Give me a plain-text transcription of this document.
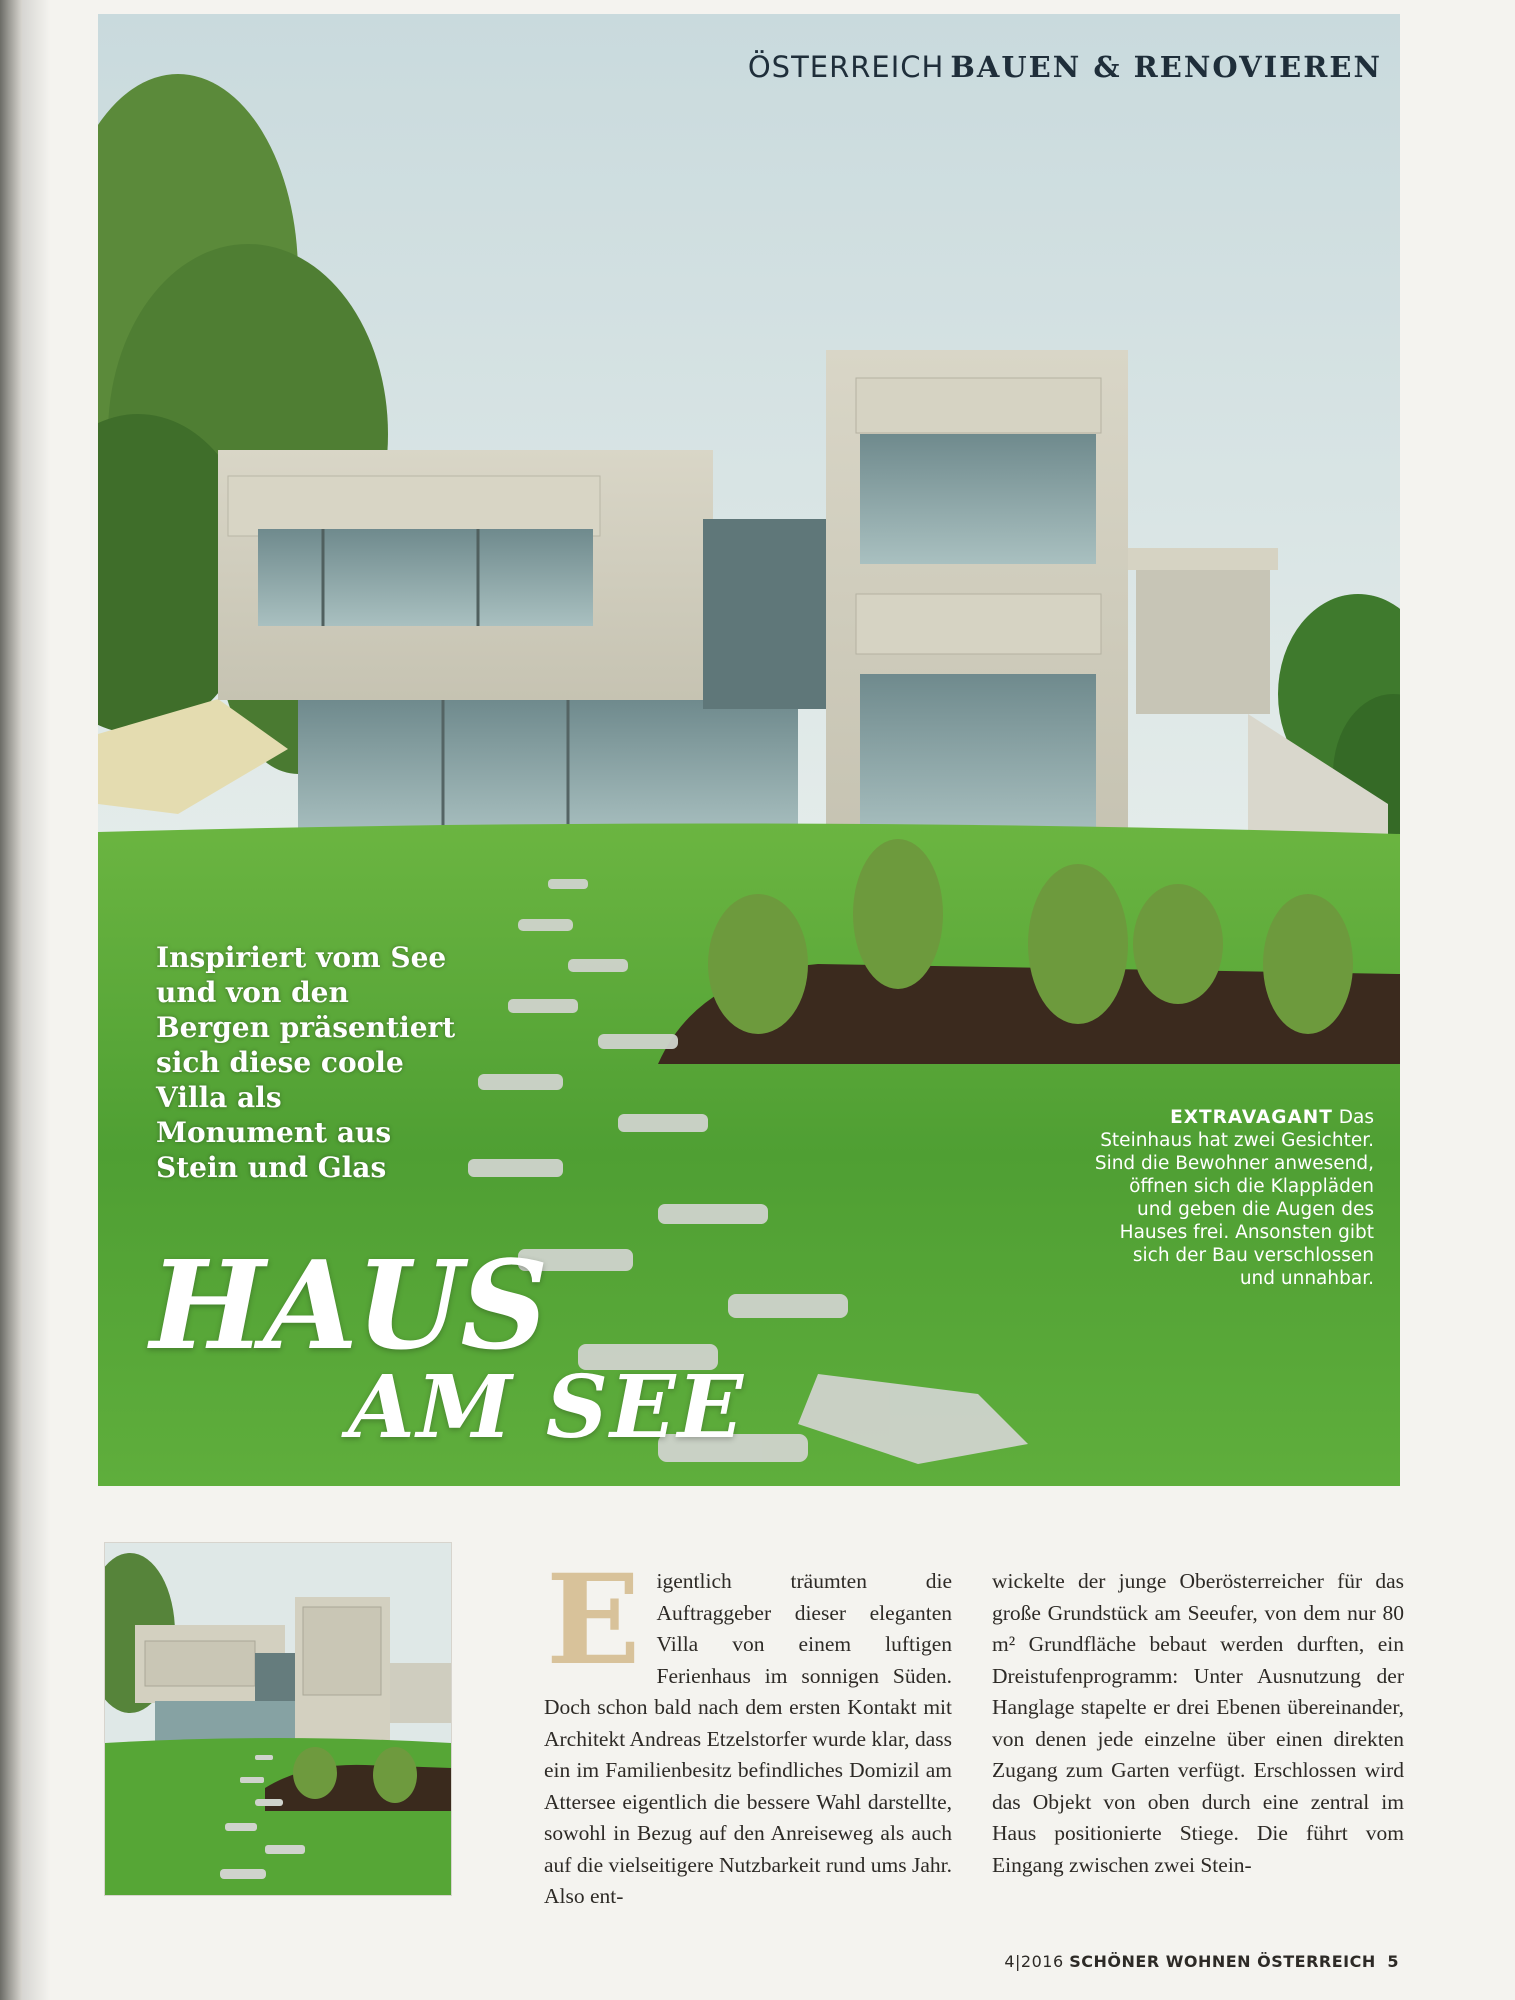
ÖSTERREICH BAUEN & RENOVIEREN
Inspiriert vom See und von den Bergen präsentiert sich diese coole Villa als Monument aus Stein und Glas
HAUS
AM SEE
EXTRAVAGANT Das Steinhaus hat zwei Gesichter. Sind die Bewohner anwesend, öffnen sich die Klappläden und geben die Augen des Hauses frei. Ansonsten gibt sich der Bau verschlossen und unnahbar.
E igentlich träumten die Auftraggeber dieser eleganten Villa von einem luftigen Ferienhaus im sonnigen Süden. Doch schon bald nach dem ersten Kontakt mit Architekt Andreas Etzelstorfer wurde klar, dass ein im Familienbesitz befindliches Domizil am Attersee eigentlich die bessere Wahl darstellte, sowohl in Bezug auf den Anreiseweg als auch auf die vielseitigere Nutzbarkeit rund ums Jahr. Also ent-

wickelte der junge Oberösterreicher für das große Grundstück am Seeufer, von dem nur 80 m² Grundfläche bebaut werden durften, ein Dreistufenprogramm: Unter Ausnutzung der Hanglage stapelte er drei Ebenen übereinander, von denen jede einzelne über einen direkten Zugang zum Garten verfügt. Erschlossen wird das Objekt von oben durch eine zentral im Haus positionierte Stiege. Die führt vom Eingang zwischen zwei Stein-

4|2016 SCHÖNER WOHNEN ÖSTERREICH 5
